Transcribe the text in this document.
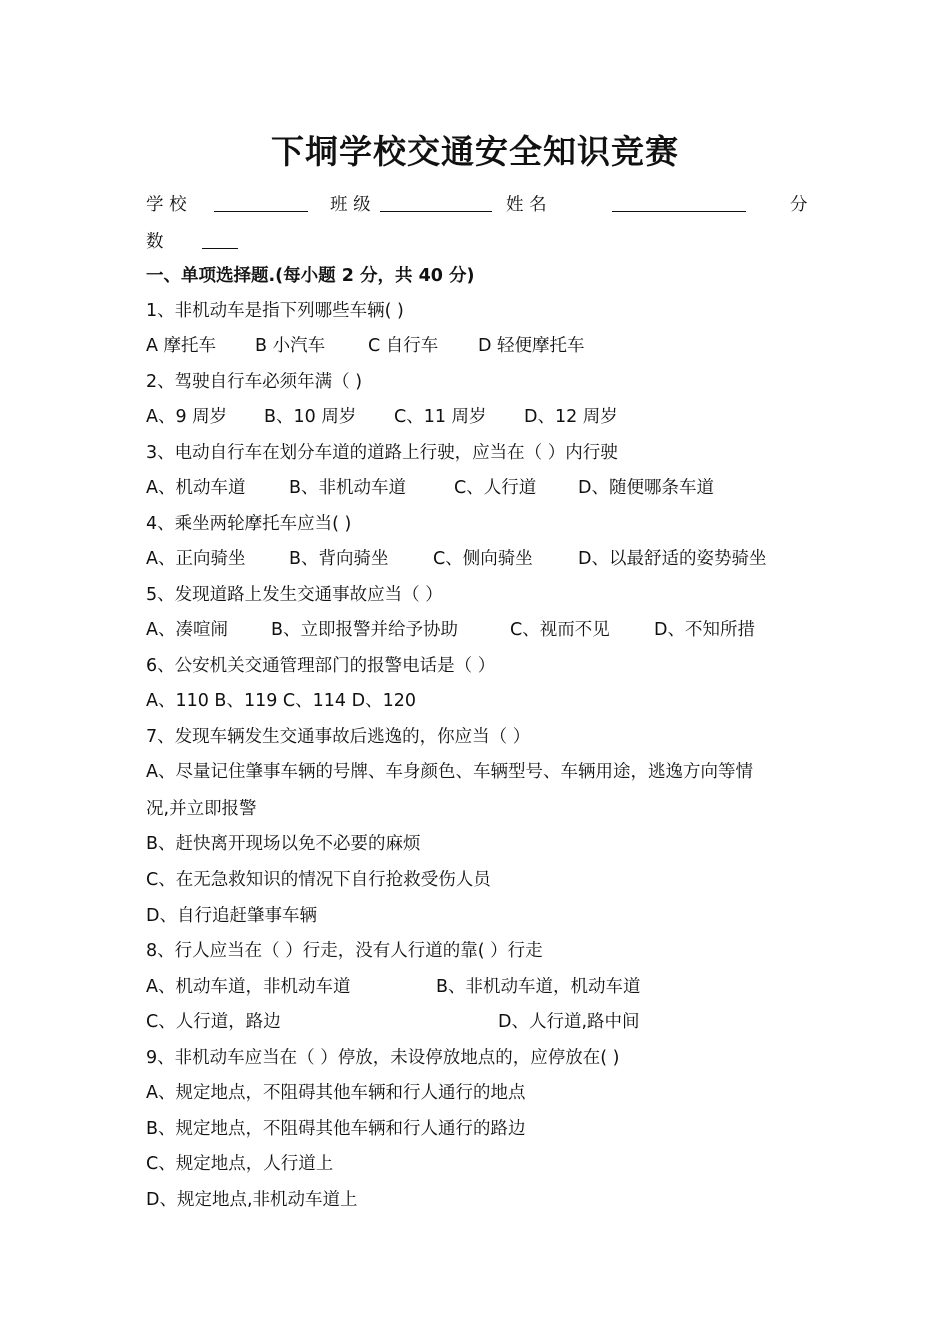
下垌学校交通安全知识竞赛
学 校	班 级	姓 名	分
数
一、单项选择题.(每小题 2 分，共 40 分)
1、非机动车是指下列哪些车辆( )
A 摩托车 B 小汽车 C 自行车 D 轻便摩托车
2、驾驶自行车必须年满（ )
A、9 周岁 B、10 周岁 C、11 周岁 D、12 周岁
3、电动自行车在划分车道的道路上行驶，应当在（ ）内行驶
A、机动车道 B、非机动车道	C、人行道 D、随便哪条车道
4、乘坐两轮摩托车应当( )
A、正向骑坐 B、背向骑坐	C、侧向骑坐	D、以最舒适的姿势骑坐
5、发现道路上发生交通事故应当（ ）
A、凑喧闹 B、立即报警并给予协助	C、视而不见	D、不知所措
6、公安机关交通管理部门的报警电话是（ ）
A、110 B、119 C、114 D、120
7、发现车辆发生交通事故后逃逸的，你应当（ ）
A、尽量记住肇事车辆的号牌、车身颜色、车辆型号、车辆用途，逃逸方向等情
况,并立即报警
B、赶快离开现场以免不必要的麻烦
C、在无急救知识的情况下自行抢救受伤人员
D、自行追赶肇事车辆
8、行人应当在（ ）行走，没有人行道的靠( ）行走
A、机动车道，非机动车道	B、非机动车道，机动车道
C、人行道，路边	D、人行道,路中间
9、非机动车应当在（ ）停放，未设停放地点的，应停放在( )
A、规定地点，不阻碍其他车辆和行人通行的地点
B、规定地点，不阻碍其他车辆和行人通行的路边
C、规定地点，人行道上
D、规定地点,非机动车道上
